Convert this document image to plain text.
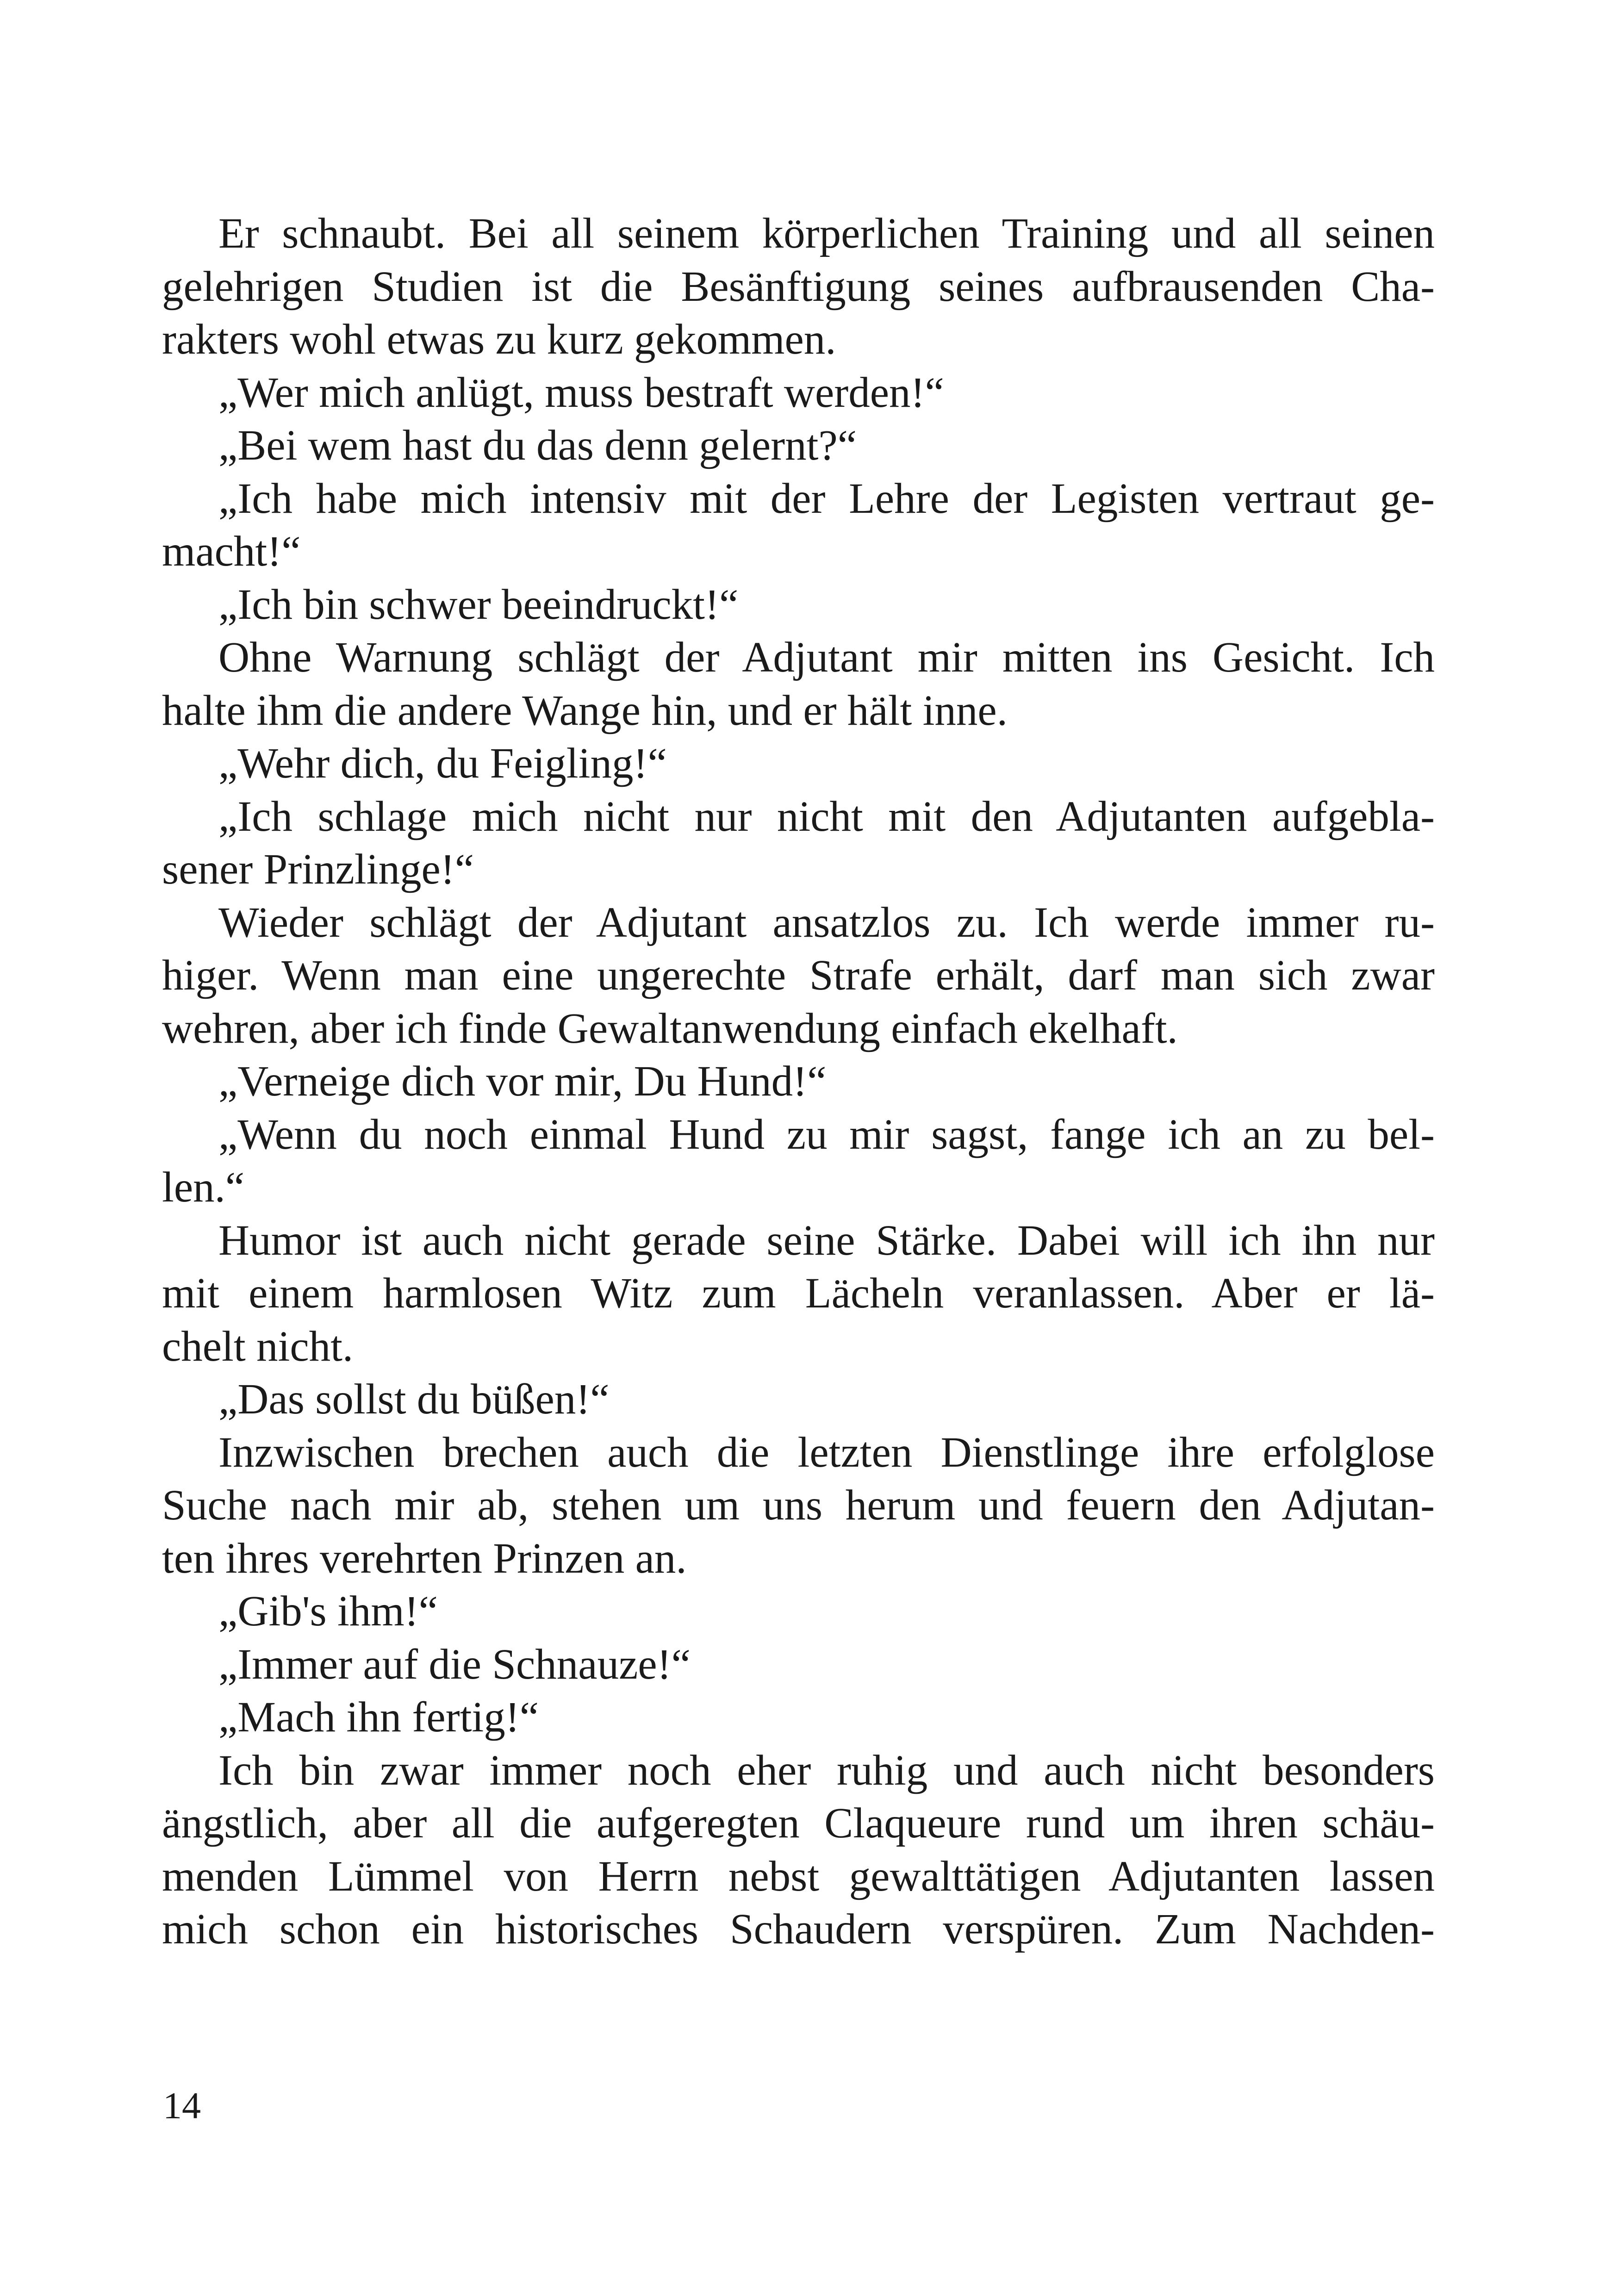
Er schnaubt. Bei all seinem körperlichen Training und all seinen
gelehrigen Studien ist die Besänftigung seines aufbrausenden Cha-
rakters wohl etwas zu kurz gekommen.
„Wer mich anlügt, muss bestraft werden!“
„Bei wem hast du das denn gelernt?“
„Ich habe mich intensiv mit der Lehre der Legisten vertraut ge-
macht!“
„Ich bin schwer beeindruckt!“
Ohne Warnung schlägt der Adjutant mir mitten ins Gesicht. Ich
halte ihm die andere Wange hin, und er hält inne.
„Wehr dich, du Feigling!“
„Ich schlage mich nicht nur nicht mit den Adjutanten aufgebla-
sener Prinzlinge!“
Wieder schlägt der Adjutant ansatzlos zu. Ich werde immer ru-
higer. Wenn man eine ungerechte Strafe erhält, darf man sich zwar
wehren, aber ich finde Gewaltanwendung einfach ekelhaft.
„Verneige dich vor mir, Du Hund!“
„Wenn du noch einmal Hund zu mir sagst, fange ich an zu bel-
len.“
Humor ist auch nicht gerade seine Stärke. Dabei will ich ihn nur
mit einem harmlosen Witz zum Lächeln veranlassen. Aber er lä-
chelt nicht.
„Das sollst du büßen!“
Inzwischen brechen auch die letzten Dienstlinge ihre erfolglose
Suche nach mir ab, stehen um uns herum und feuern den Adjutan-
ten ihres verehrten Prinzen an.
„Gib's ihm!“
„Immer auf die Schnauze!“
„Mach ihn fertig!“
Ich bin zwar immer noch eher ruhig und auch nicht besonders
ängstlich, aber all die aufgeregten Claqueure rund um ihren schäu-
menden Lümmel von Herrn nebst gewalttätigen Adjutanten lassen
mich schon ein historisches Schaudern verspüren. Zum Nachden-

14
